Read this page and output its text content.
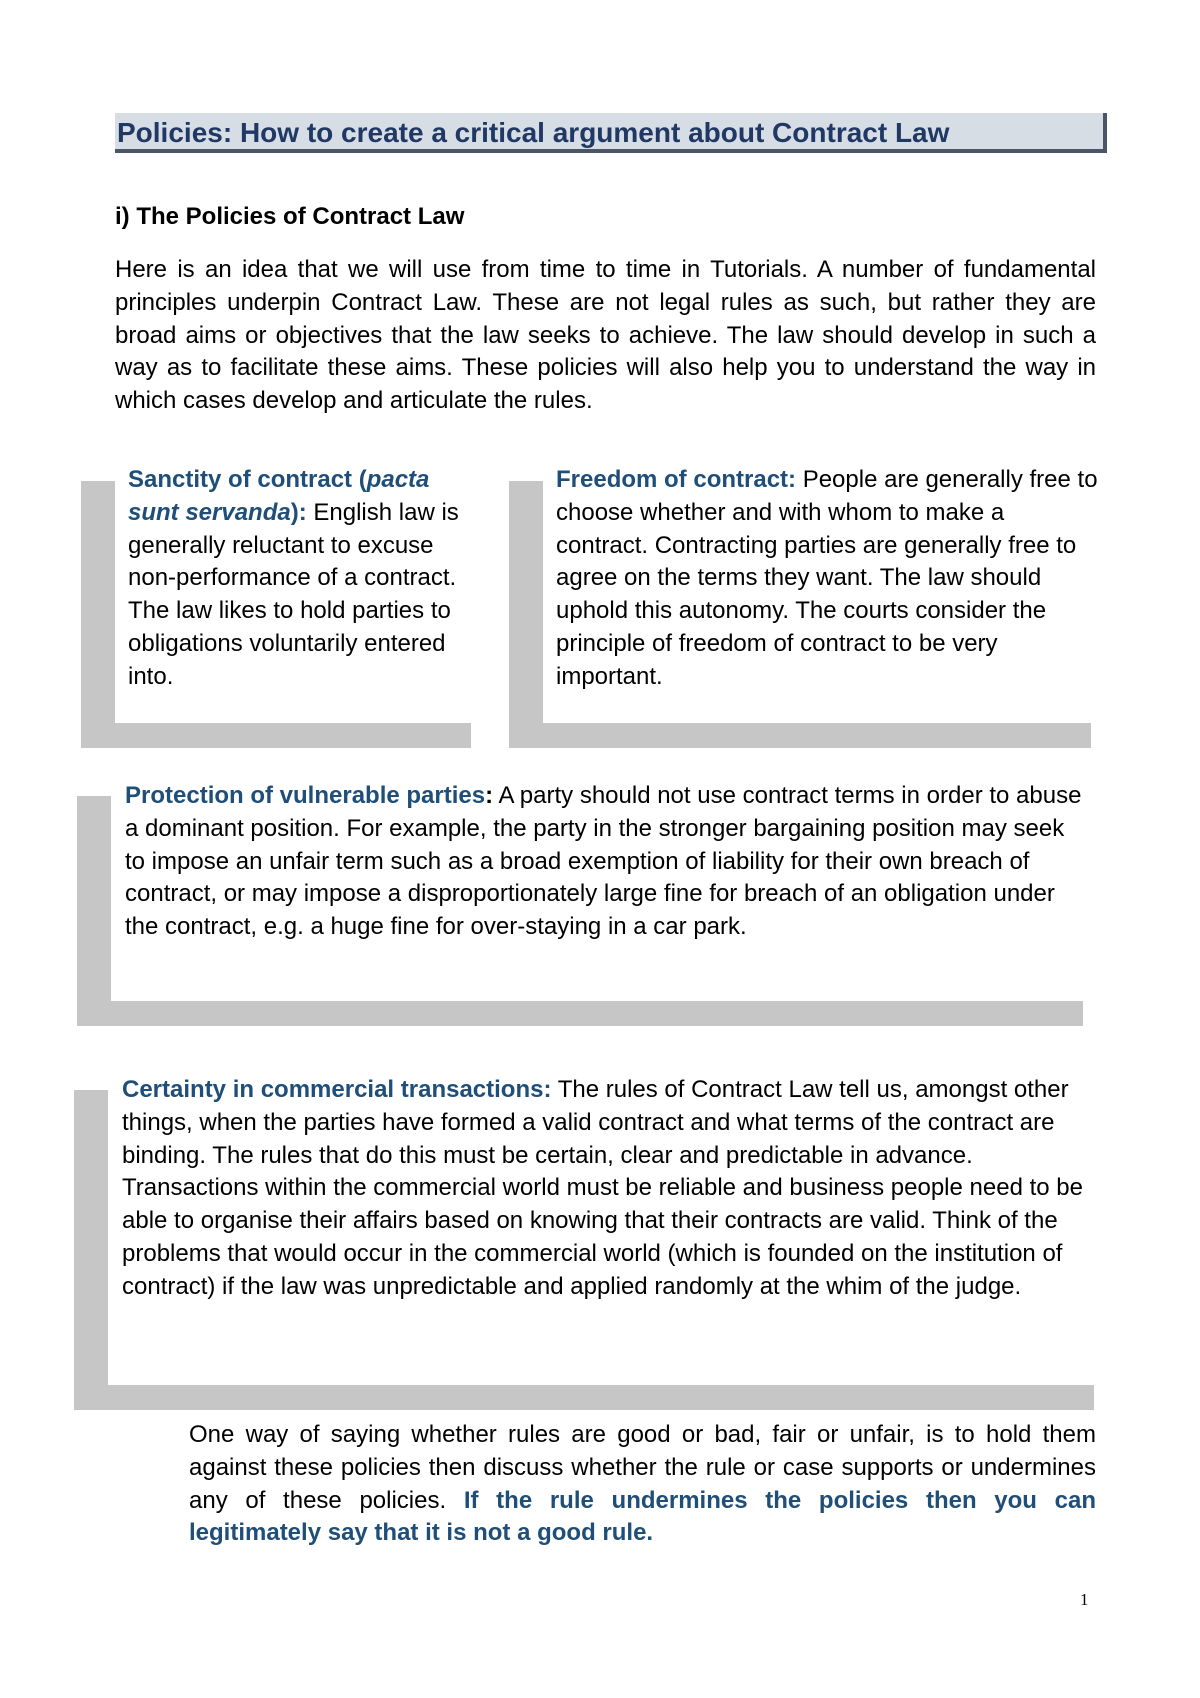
Policies: How to create a critical argument about Contract Law
i) The Policies of Contract Law

Here is an idea that we will use from time to time in Tutorials. A number of fundamental principles underpin Contract Law. These are not legal rules as such, but rather they are broad aims or objectives that the law seeks to achieve. The law should develop in such a way as to facilitate these aims. These policies will also help you to understand the way in which cases develop and articulate the rules.

Sanctity of contract (pacta sunt servanda): English law is generally reluctant to excuse non-performance of a contract. The law likes to hold parties to obligations voluntarily entered into.
Freedom of contract: People are generally free to choose whether and with whom to make a contract. Contracting parties are generally free to agree on the terms they want. The law should uphold this autonomy. The courts consider the principle of freedom of contract to be very important.
Protection of vulnerable parties: A party should not use contract terms in order to abuse a dominant position. For example, the party in the stronger bargaining position may seek to impose an unfair term such as a broad exemption of liability for their own breach of contract, or may impose a disproportionately large fine for breach of an obligation under the contract, e.g. a huge fine for over-staying in a car park.
Certainty in commercial transactions: The rules of Contract Law tell us, amongst other things, when the parties have formed a valid contract and what terms of the contract are binding. The rules that do this must be certain, clear and predictable in advance. Transactions within the commercial world must be reliable and business people need to be able to organise their affairs based on knowing that their contracts are valid. Think of the problems that would occur in the commercial world (which is founded on the institution of contract) if the law was unpredictable and applied randomly at the whim of the judge.

One way of saying whether rules are good or bad, fair or unfair, is to hold them against these policies then discuss whether the rule or case supports or undermines any of these policies. If the rule undermines the policies then you can legitimately say that it is not a good rule.

1
